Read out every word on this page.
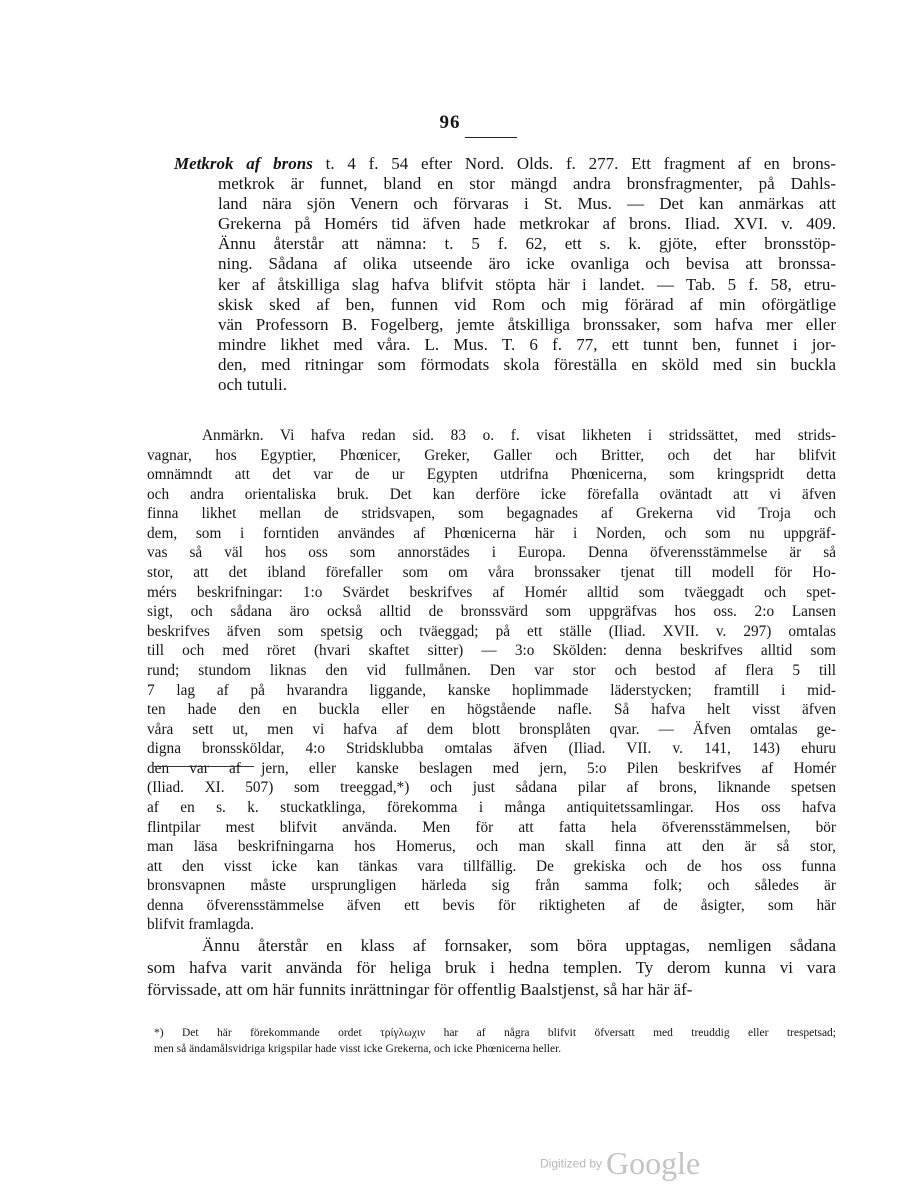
96
Metkrok af brons t. 4 f. 54 efter Nord. Olds. f. 277. Ett fragment af en brons-
metkrok är funnet, bland en stor mängd andra bronsfragmenter, på Dahls-
land nära sjön Venern och förvaras i St. Mus. — Det kan anmärkas att
Grekerna på Homérs tid äfven hade metkrokar af brons. Iliad. XVI. v. 409.
Ännu återstår att nämna: t. 5 f. 62, ett s. k. gjöte, efter bronsstöp-
ning. Sådana af olika utseende äro icke ovanliga och bevisa att bronssa-
ker af åtskilliga slag hafva blifvit stöpta här i landet. — Tab. 5 f. 58, etru-
skisk sked af ben, funnen vid Rom och mig förärad af min oförgätlige
vän Professorn B. Fogelberg, jemte åtskilliga bronssaker, som hafva mer eller
mindre likhet med våra. L. Mus. T. 6 f. 77, ett tunnt ben, funnet i jor-
den, med ritningar som förmodats skola föreställa en sköld med sin buckla
och tutuli.
Anmärkn. Vi hafva redan sid. 83 o. f. visat likheten i stridssättet, med strids-
vagnar, hos Egyptier, Phœnicer, Greker, Galler och Britter, och det har blifvit
omnämndt att det var de ur Egypten utdrifna Phœnicerna, som kringspridt detta
och andra orientaliska bruk. Det kan derföre icke förefalla oväntadt att vi äfven
finna likhet mellan de stridsvapen, som begagnades af Grekerna vid Troja och
dem, som i forntiden användes af Phœnicerna här i Norden, och som nu uppgräf-
vas så väl hos oss som annorstädes i Europa. Denna öfverensstämmelse är så
stor, att det ibland förefaller som om våra bronssaker tjenat till modell för Ho-
mérs beskrifningar: 1:o Svärdet beskrifves af Homér alltid som tväeggadt och spet-
sigt, och sådana äro också alltid de bronssvärd som uppgräfvas hos oss. 2:o Lansen
beskrifves äfven som spetsig och tväeggad; på ett ställe (Iliad. XVII. v. 297) omtalas
till och med röret (hvari skaftet sitter) — 3:o Skölden: denna beskrifves alltid som
rund; stundom liknas den vid fullmånen. Den var stor och bestod af flera 5 till
7 lag af på hvarandra liggande, kanske hoplimmade läderstycken; framtill i mid-
ten hade den en buckla eller en högstående nafle. Så hafva helt visst äfven
våra sett ut, men vi hafva af dem blott bronsplåten qvar. — Äfven omtalas ge-
digna bronssköldar, 4:o Stridsklubba omtalas äfven (Iliad. VII. v. 141, 143) ehuru
den var af jern, eller kanske beslagen med jern, 5:o Pilen beskrifves af Homér
(Iliad. XI. 507) som treeggad,*) och just sådana pilar af brons, liknande spetsen
af en s. k. stuckatklinga, förekomma i många antiquitetssamlingar. Hos oss hafva
flintpilar mest blifvit använda. Men för att fatta hela öfverensstämmelsen, bör
man läsa beskrifningarna hos Homerus, och man skall finna att den är så stor,
att den visst icke kan tänkas vara tillfällig. De grekiska och de hos oss funna
bronsvapnen måste ursprungligen härleda sig från samma folk; och således är
denna öfverensstämmelse äfven ett bevis för riktigheten af de åsigter, som här
blifvit framlagda.
Ännu återstår en klass af fornsaker, som böra upptagas, nemligen sådana
som hafva varit använda för heliga bruk i hedna templen. Ty derom kunna vi vara
förvissade, att om här funnits inrättningar för offentlig Baalstjenst, så har här äf-
*) Det här förekommande ordet τρίγλωχιν har af några blifvit öfversatt med treuddig eller trespetsad;
men så ändamålsvidriga krigspilar hade visst icke Grekerna, och icke Phœnicerna heller.
Digitized by Google
